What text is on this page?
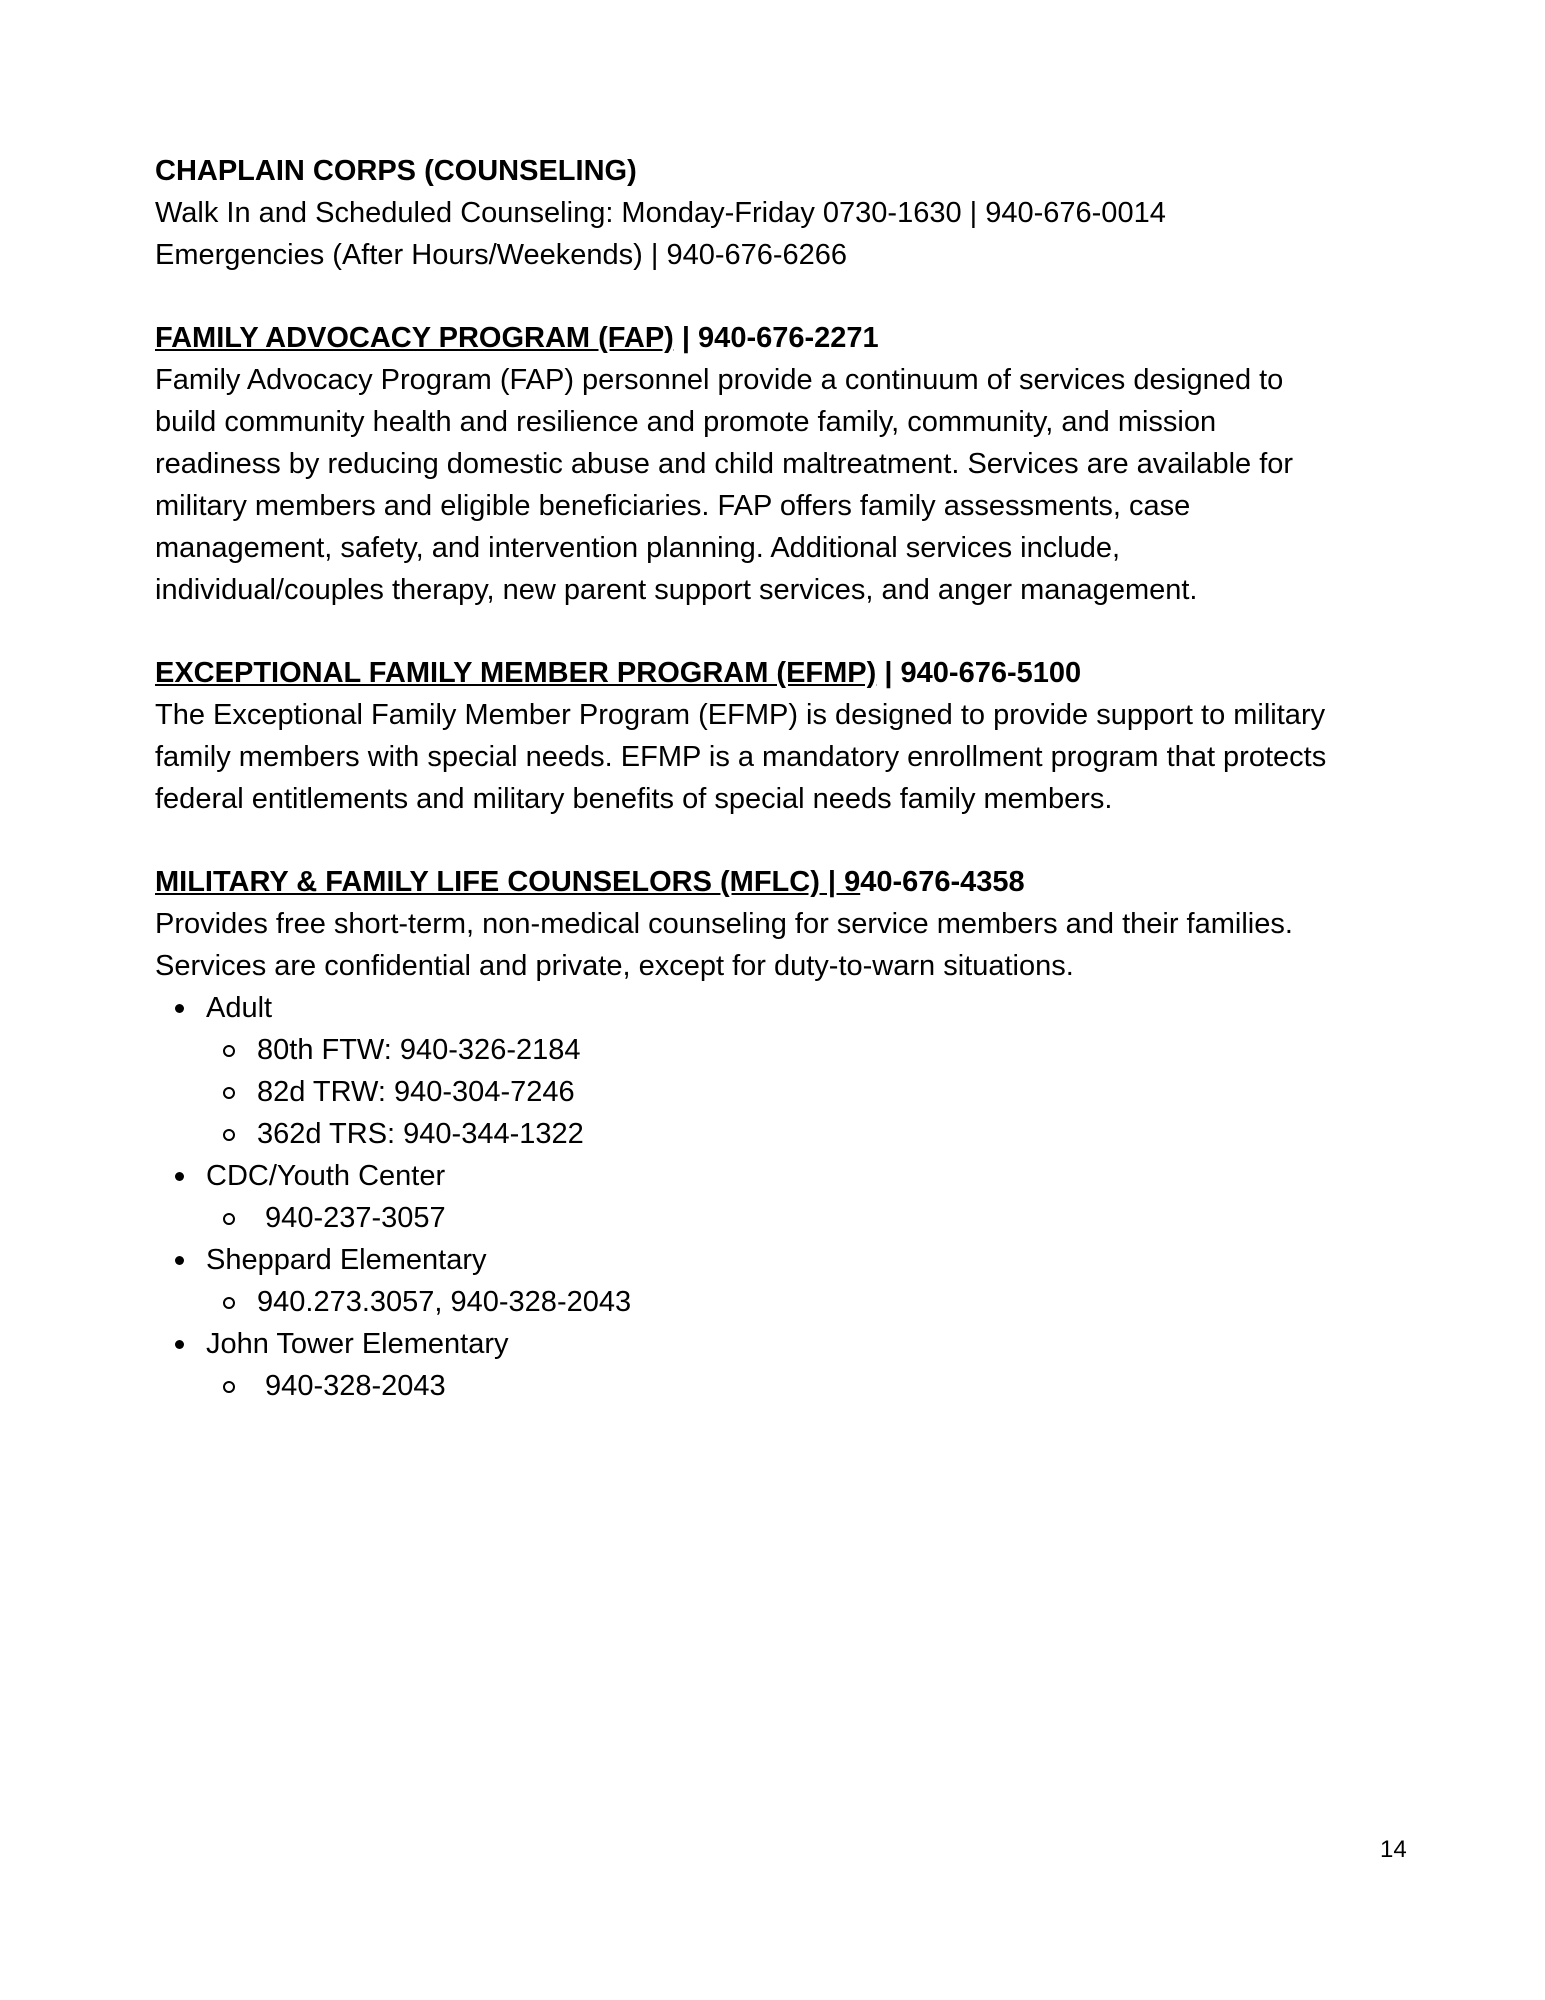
CHAPLAIN CORPS (COUNSELING)
Walk In and Scheduled Counseling: Monday-Friday 0730-1630 | 940-676-0014
Emergencies (After Hours/Weekends) | 940-676-6266
FAMILY ADVOCACY PROGRAM (FAP) | 940-676-2271
Family Advocacy Program (FAP) personnel provide a continuum of services designed to
build community health and resilience and promote family, community, and mission
readiness by reducing domestic abuse and child maltreatment. Services are available for
military members and eligible beneficiaries. FAP offers family assessments, case
management, safety, and intervention planning. Additional services include,
individual/couples therapy, new parent support services, and anger management.
EXCEPTIONAL FAMILY MEMBER PROGRAM (EFMP) | 940-676-5100
The Exceptional Family Member Program (EFMP) is designed to provide support to military
family members with special needs. EFMP is a mandatory enrollment program that protects
federal entitlements and military benefits of special needs family members.
MILITARY & FAMILY LIFE COUNSELORS (MFLC) | 940-676-4358
Provides free short-term, non-medical counseling for service members and their families.
Services are confidential and private, except for duty-to-warn situations.
Adult
80th FTW: 940-326-2184
82d TRW: 940-304-7246
362d TRS: 940-344-1322
CDC/Youth Center
940-237-3057
Sheppard Elementary
940.273.3057, 940-328-2043
John Tower Elementary
940-328-2043
14
